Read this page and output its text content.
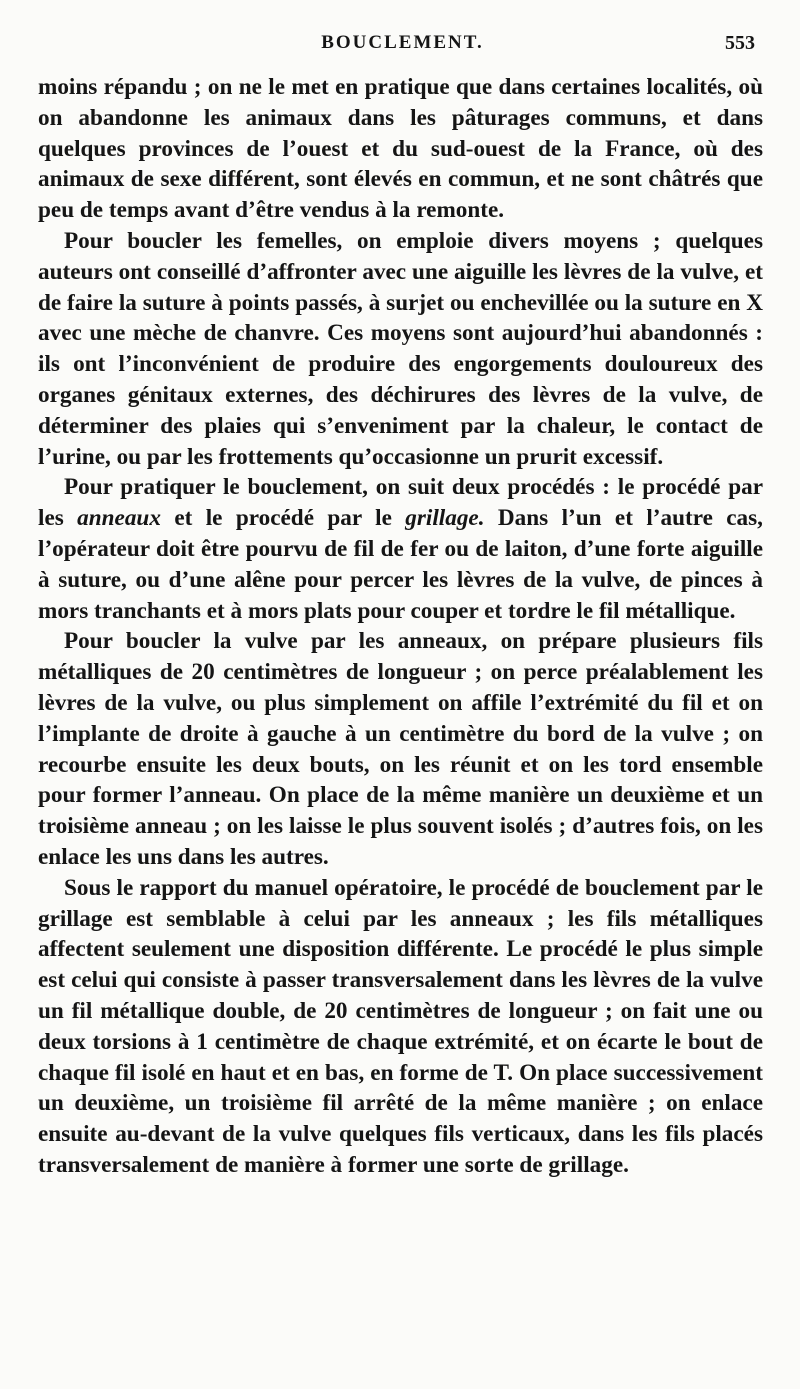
BOUCLEMENT.	553

moins répandu ; on ne le met en pratique que dans certaines localités, où on abandonne les animaux dans les pâturages communs, et dans quelques provinces de l’ouest et du sud-ouest de la France, où des animaux de sexe différent, sont élevés en commun, et ne sont châtrés que peu de temps avant d’être vendus à la remonte.

Pour boucler les femelles, on emploie divers moyens ; quelques auteurs ont conseillé d’affronter avec une aiguille les lèvres de la vulve, et de faire la suture à points passés, à surjet ou enchevillée ou la suture en X avec une mèche de chanvre. Ces moyens sont aujourd’hui abandonnés : ils ont l’inconvénient de produire des engorgements douloureux des organes génitaux externes, des déchirures des lèvres de la vulve, de déterminer des plaies qui s’enveniment par la chaleur, le contact de l’urine, ou par les frottements qu’occasionne un prurit excessif.

Pour pratiquer le bouclement, on suit deux procédés : le procédé par les anneaux et le procédé par le grillage. Dans l’un et l’autre cas, l’opérateur doit être pourvu de fil de fer ou de laiton, d’une forte aiguille à suture, ou d’une alêne pour percer les lèvres de la vulve, de pinces à mors tranchants et à mors plats pour couper et tordre le fil métallique.

Pour boucler la vulve par les anneaux, on prépare plusieurs fils métalliques de 20 centimètres de longueur ; on perce préalablement les lèvres de la vulve, ou plus simplement on affile l’extrémité du fil et on l’implante de droite à gauche à un centimètre du bord de la vulve ; on recourbe ensuite les deux bouts, on les réunit et on les tord ensemble pour former l’anneau. On place de la même manière un deuxième et un troisième anneau ; on les laisse le plus souvent isolés ; d’autres fois, on les enlace les uns dans les autres.

Sous le rapport du manuel opératoire, le procédé de bouclement par le grillage est semblable à celui par les anneaux ; les fils métalliques affectent seulement une disposition différente. Le procédé le plus simple est celui qui consiste à passer transversalement dans les lèvres de la vulve un fil métallique double, de 20 centimètres de longueur ; on fait une ou deux torsions à 1 centimètre de chaque extrémité, et on écarte le bout de chaque fil isolé en haut et en bas, en forme de T. On place successivement un deuxième, un troisième fil arrêté de la même manière ; on enlace ensuite au-devant de la vulve quelques fils verticaux, dans les fils placés transversalement de manière à former une sorte de grillage.
